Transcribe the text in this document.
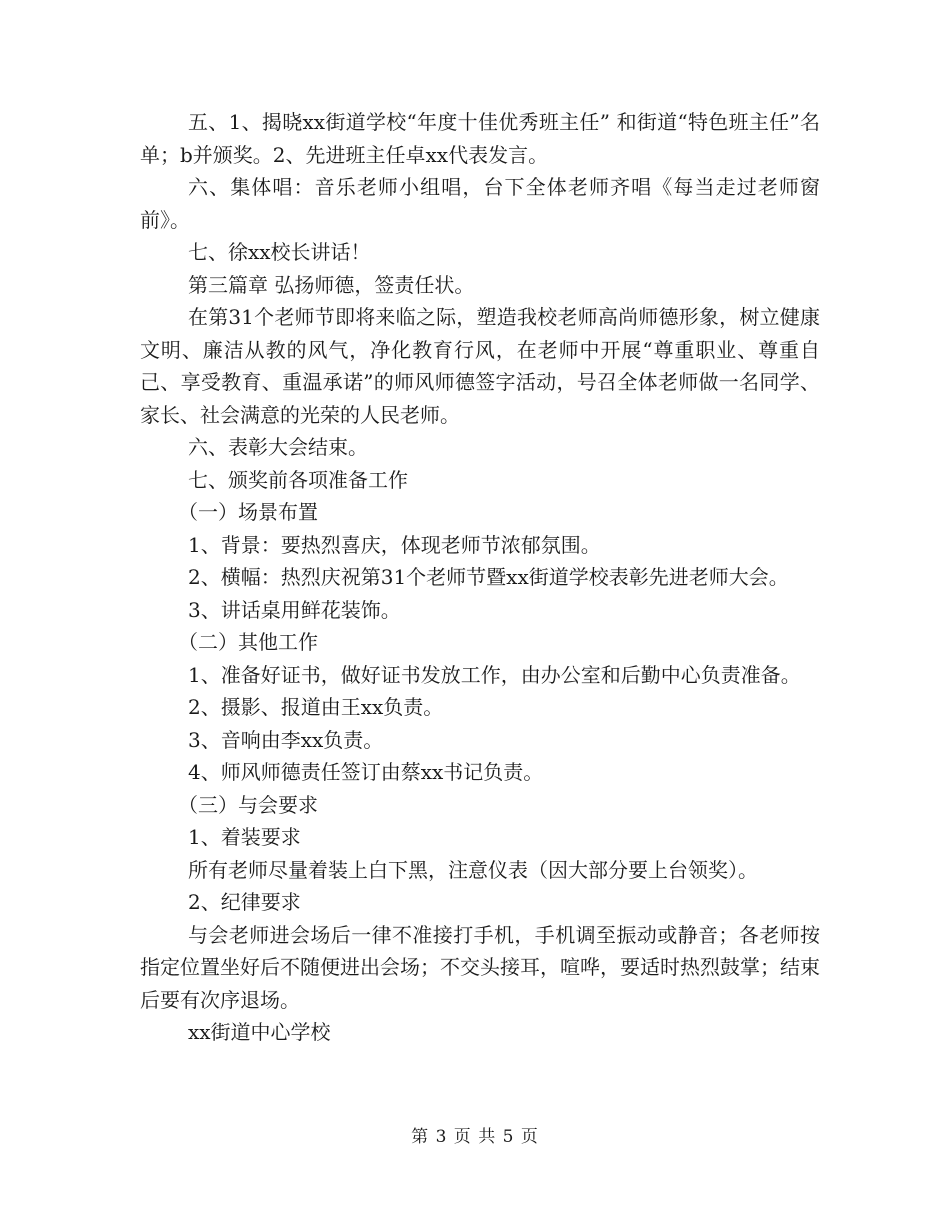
五、1、揭晓xx街道学校“年度十佳优秀班主任” 和街道“特色班主任”名单；b并颁奖。2、先进班主任卓xx代表发言。

六、集体唱：音乐老师小组唱，台下全体老师齐唱《每当走过老师窗前》。

七、徐xx校长讲话！

第三篇章 弘扬师德，签责任状。

在第31个老师节即将来临之际，塑造我校老师高尚师德形象，树立健康文明、廉洁从教的风气，净化教育行风，在老师中开展“尊重职业、尊重自己、享受教育、重温承诺”的师风师德签字活动，号召全体老师做一名同学、家长、社会满意的光荣的人民老师。

六、表彰大会结束。

七、颁奖前各项准备工作

（一）场景布置

1、背景：要热烈喜庆，体现老师节浓郁氛围。

2、横幅：热烈庆祝第31个老师节暨xx街道学校表彰先进老师大会。

3、讲话桌用鲜花装饰。

（二）其他工作

1、准备好证书，做好证书发放工作，由办公室和后勤中心负责准备。

2、摄影、报道由王xx负责。

3、音响由李xx负责。

4、师风师德责任签订由蔡xx书记负责。

（三）与会要求

1、着装要求

所有老师尽量着装上白下黑，注意仪表（因大部分要上台领奖）。

2、纪律要求

与会老师进会场后一律不准接打手机，手机调至振动或静音；各老师按指定位置坐好后不随便进出会场；不交头接耳，喧哗，要适时热烈鼓掌；结束后要有次序退场。

xx街道中心学校

第 3 页 共 5 页
